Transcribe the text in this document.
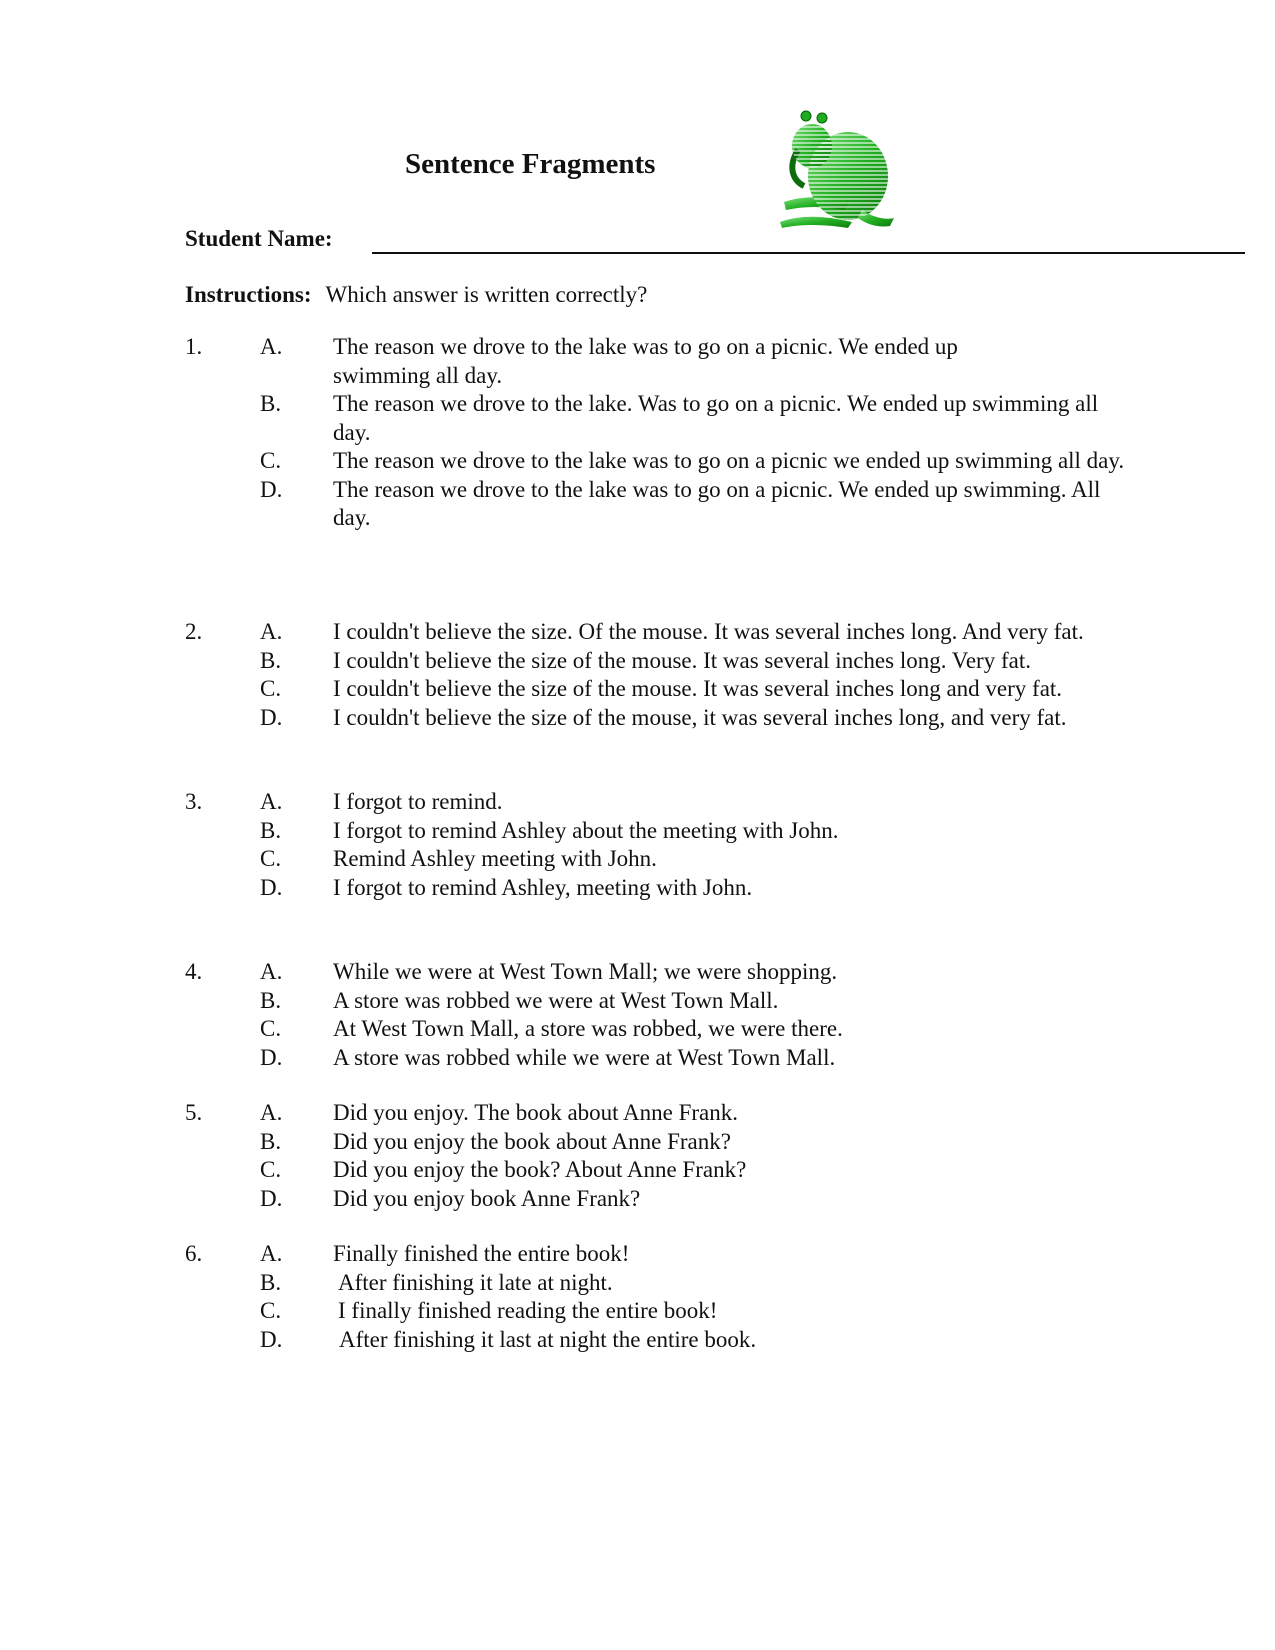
Sentence Fragments
Student Name:
Instructions: Which answer is written correctly?
1.	A. The reason we drove to the lake was to go on a picnic. We ended up swimming all day.
B. The reason we drove to the lake. Was to go on a picnic. We ended up swimming all day.
C. The reason we drove to the lake was to go on a picnic we ended up swimming all day.
D. The reason we drove to the lake was to go on a picnic. We ended up swimming. All day.
2.	A. I couldn't believe the size. Of the mouse. It was several inches long. And very fat.
B. I couldn't believe the size of the mouse. It was several inches long. Very fat.
C. I couldn't believe the size of the mouse. It was several inches long and very fat.
D. I couldn't believe the size of the mouse, it was several inches long, and very fat.
3.	A. I forgot to remind.
B. I forgot to remind Ashley about the meeting with John.
C. Remind Ashley meeting with John.
D. I forgot to remind Ashley, meeting with John.
4.	A. While we were at West Town Mall; we were shopping.
B. A store was robbed we were at West Town Mall.
C. At West Town Mall, a store was robbed, we were there.
D. A store was robbed while we were at West Town Mall.
5.	A. Did you enjoy. The book about Anne Frank.
B. Did you enjoy the book about Anne Frank?
C. Did you enjoy the book? About Anne Frank?
D. Did you enjoy book Anne Frank?
6.	A. Finally finished the entire book!
B. After finishing it late at night.
C. I finally finished reading the entire book!
D. After finishing it last at night the entire book.
